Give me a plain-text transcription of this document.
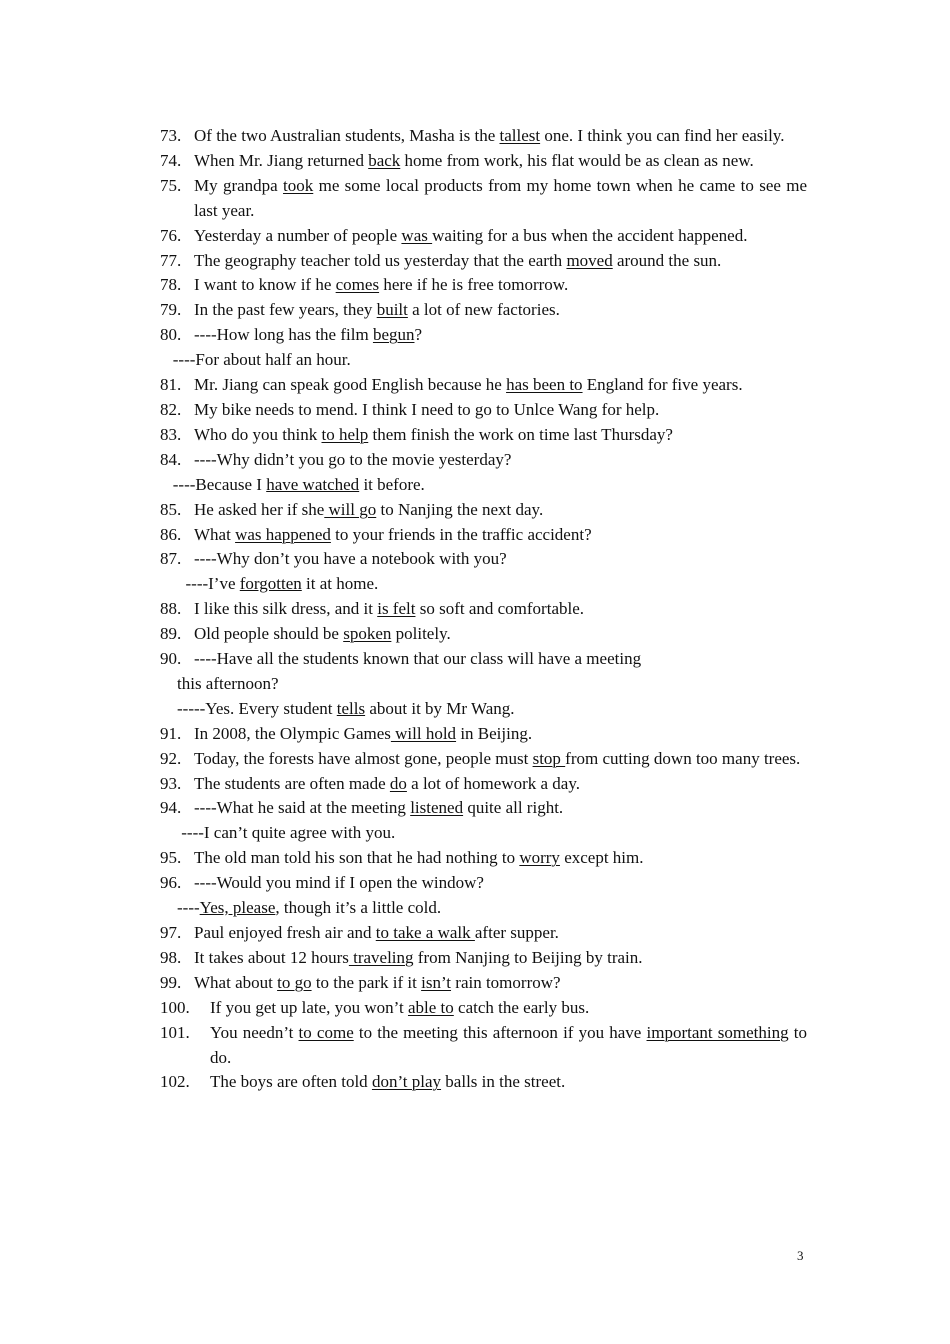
73. Of the two Australian students, Masha is the tallest one. I think you can find her easily.
74. When Mr. Jiang returned back home from work, his flat would be as clean as new.
75. My grandpa took me some local products from my home town when he came to see me last year.
76. Yesterday a number of people was waiting for a bus when the accident happened.
77. The geography teacher told us yesterday that the earth moved around the sun.
78. I want to know if he comes here if he is free tomorrow.
79. In the past few years, they built a lot of new factories.
80. ----How long has the film begun?
----For about half an hour.
81. Mr. Jiang can speak good English because he has been to England for five years.
82. My bike needs to mend. I think I need to go to Unlce Wang for help.
83. Who do you think to help them finish the work on time last Thursday?
84. ----Why didn’t you go to the movie yesterday?
----Because I have watched it before.
85. He asked her if she will go to Nanjing the next day.
86. What was happened to your friends in the traffic accident?
87. ----Why don’t you have a notebook with you?
----I’ve forgotten it at home.
88. I like this silk dress, and it is felt so soft and comfortable.
89. Old people should be spoken politely.
90. ----Have all the students known that our class will have a meeting
this afternoon?
-----Yes. Every student tells about it by Mr Wang.
91. In 2008, the Olympic Games will hold in Beijing.
92. Today, the forests have almost gone, people must stop from cutting down too many trees.
93. The students are often made do a lot of homework a day.
94. ----What he said at the meeting listened quite all right.
----I can’t quite agree with you.
95. The old man told his son that he had nothing to worry except him.
96. ----Would you mind if I open the window?
----Yes, please, though it’s a little cold.
97. Paul enjoyed fresh air and to take a walk after supper.
98. It takes about 12 hours traveling from Nanjing to Beijing by train.
99. What about to go to the park if it isn’t rain tomorrow?
100.	If you get up late, you won’t able to catch the early bus.
101.	You needn’t to come to the meeting this afternoon if you have important something to do.
102.	The boys are often told don’t play balls in the street.
3
